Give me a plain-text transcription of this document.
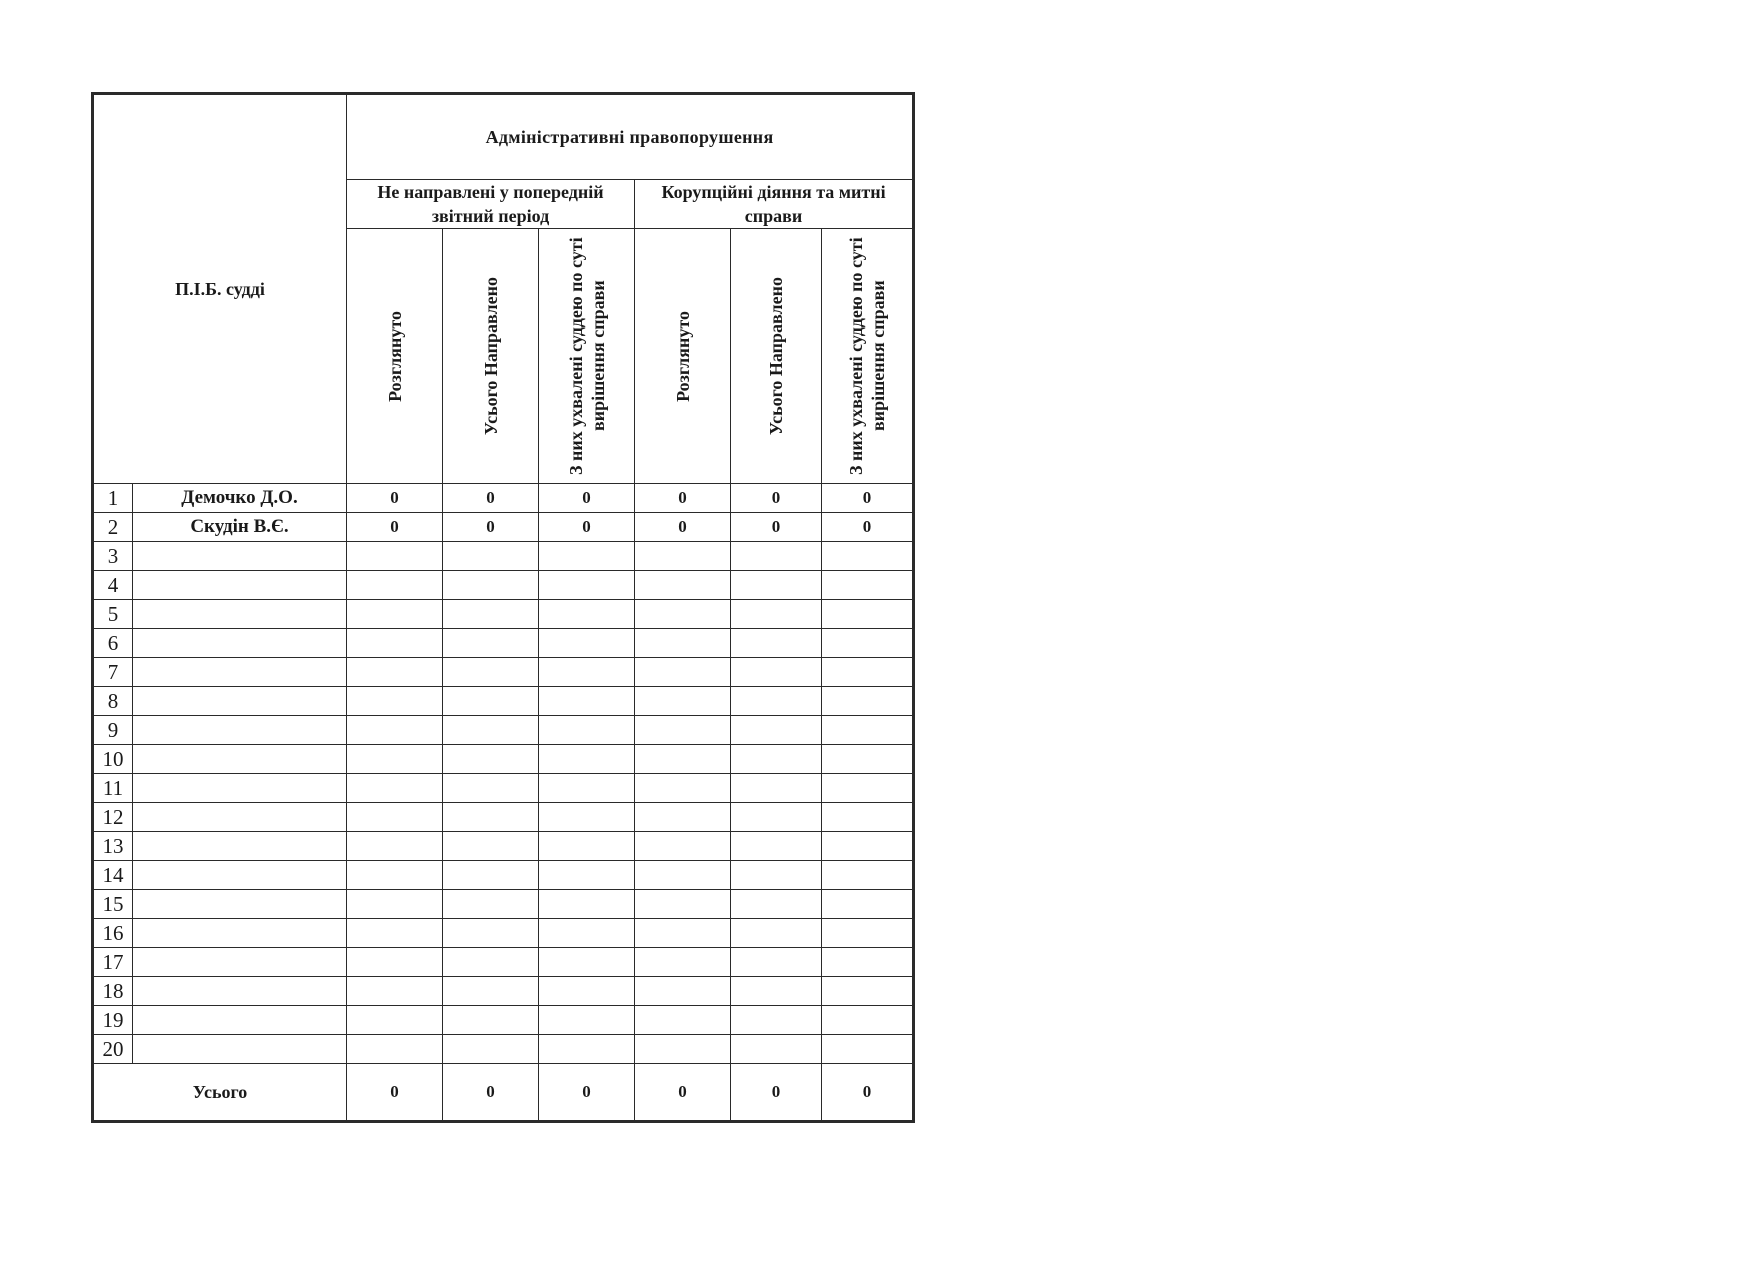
П.І.Б. судді		Адміністративні правопорушення					
		Не направлені у попередній звітний період			Корупційні діяння та митні справи		

		Розглянуто	Усього Направлено	З них ухвалені суддею по суті вирішення справи	Розглянуто	Усього Направлено	З них ухвалені суддею по суті вирішення справи

1	Демочко Д.О.	0	0	0	0	0	0
2	Скудін В.Є.	0	0	0	0	0	0
3							
4							
5							
6							
7							
8							
9							
10							
11							
12							
13							
14							
15							
16							
17							
18							
19							
20							
Усього		0	0	0	0	0	0
